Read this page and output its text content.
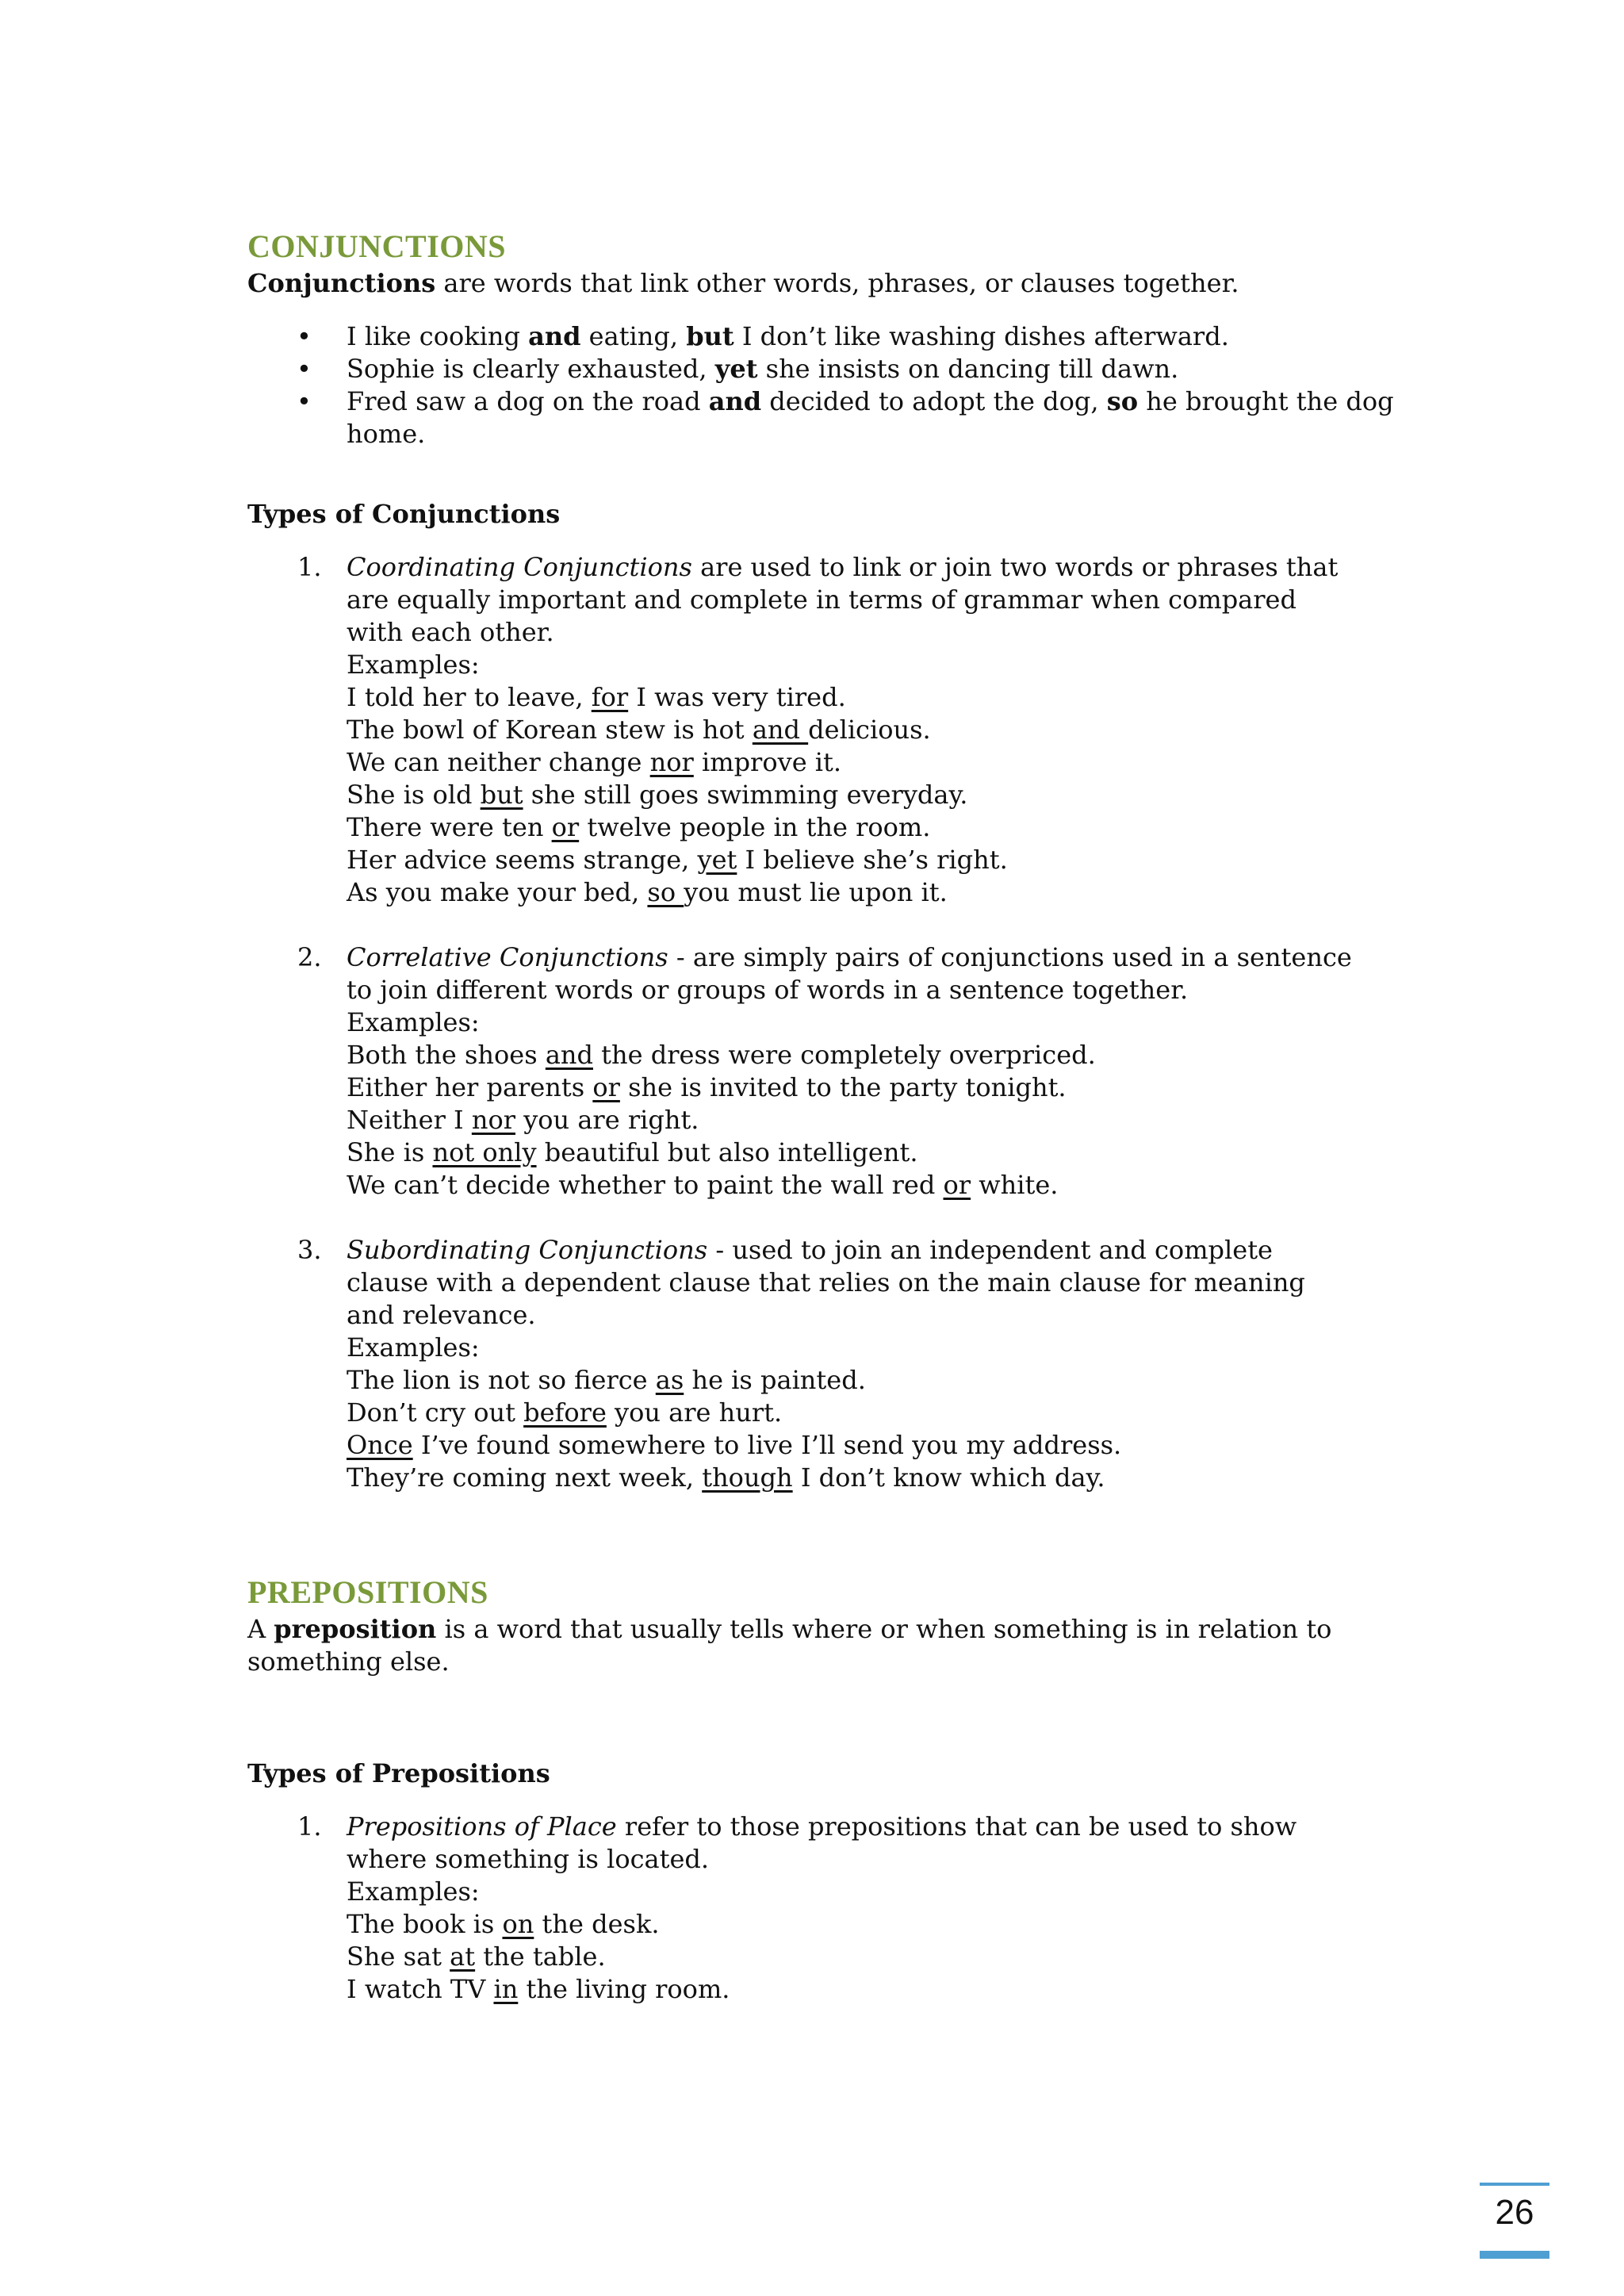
CONJUNCTIONS

Conjunctions are words that link other words, phrases, or clauses together.

• I like cooking and eating, but I don’t like washing dishes afterward.
• Sophie is clearly exhausted, yet she insists on dancing till dawn.
• Fred saw a dog on the road and decided to adopt the dog, so he brought the dog home.

Types of Conjunctions

1. Coordinating Conjunctions are used to link or join two words or phrases that
are equally important and complete in terms of grammar when compared
with each other.
Examples:
I told her to leave, for I was very tired.
The bowl of Korean stew is hot and delicious.
We can neither change nor improve it.
She is old but she still goes swimming everyday.
There were ten or twelve people in the room.
Her advice seems strange, yet I believe she’s right.
As you make your bed, so you must lie upon it.
2. Correlative Conjunctions - are simply pairs of conjunctions used in a sentence
to join different words or groups of words in a sentence together.
Examples:
Both the shoes and the dress were completely overpriced.
Either her parents or she is invited to the party tonight.
Neither I nor you are right.
She is not only beautiful but also intelligent.
We can’t decide whether to paint the wall red or white.
3. Subordinating Conjunctions - used to join an independent and complete
clause with a dependent clause that relies on the main clause for meaning
and relevance.
Examples:
The lion is not so fierce as he is painted.
Don’t cry out before you are hurt.
Once I’ve found somewhere to live I’ll send you my address.
They’re coming next week, though I don’t know which day.
PREPOSITIONS

A preposition is a word that usually tells where or when something is in relation to
something else.

Types of Prepositions

1. Prepositions of Place refer to those prepositions that can be used to show
where something is located.
Examples:
The book is on the desk.
She sat at the table.
I watch TV in the living room.
26
